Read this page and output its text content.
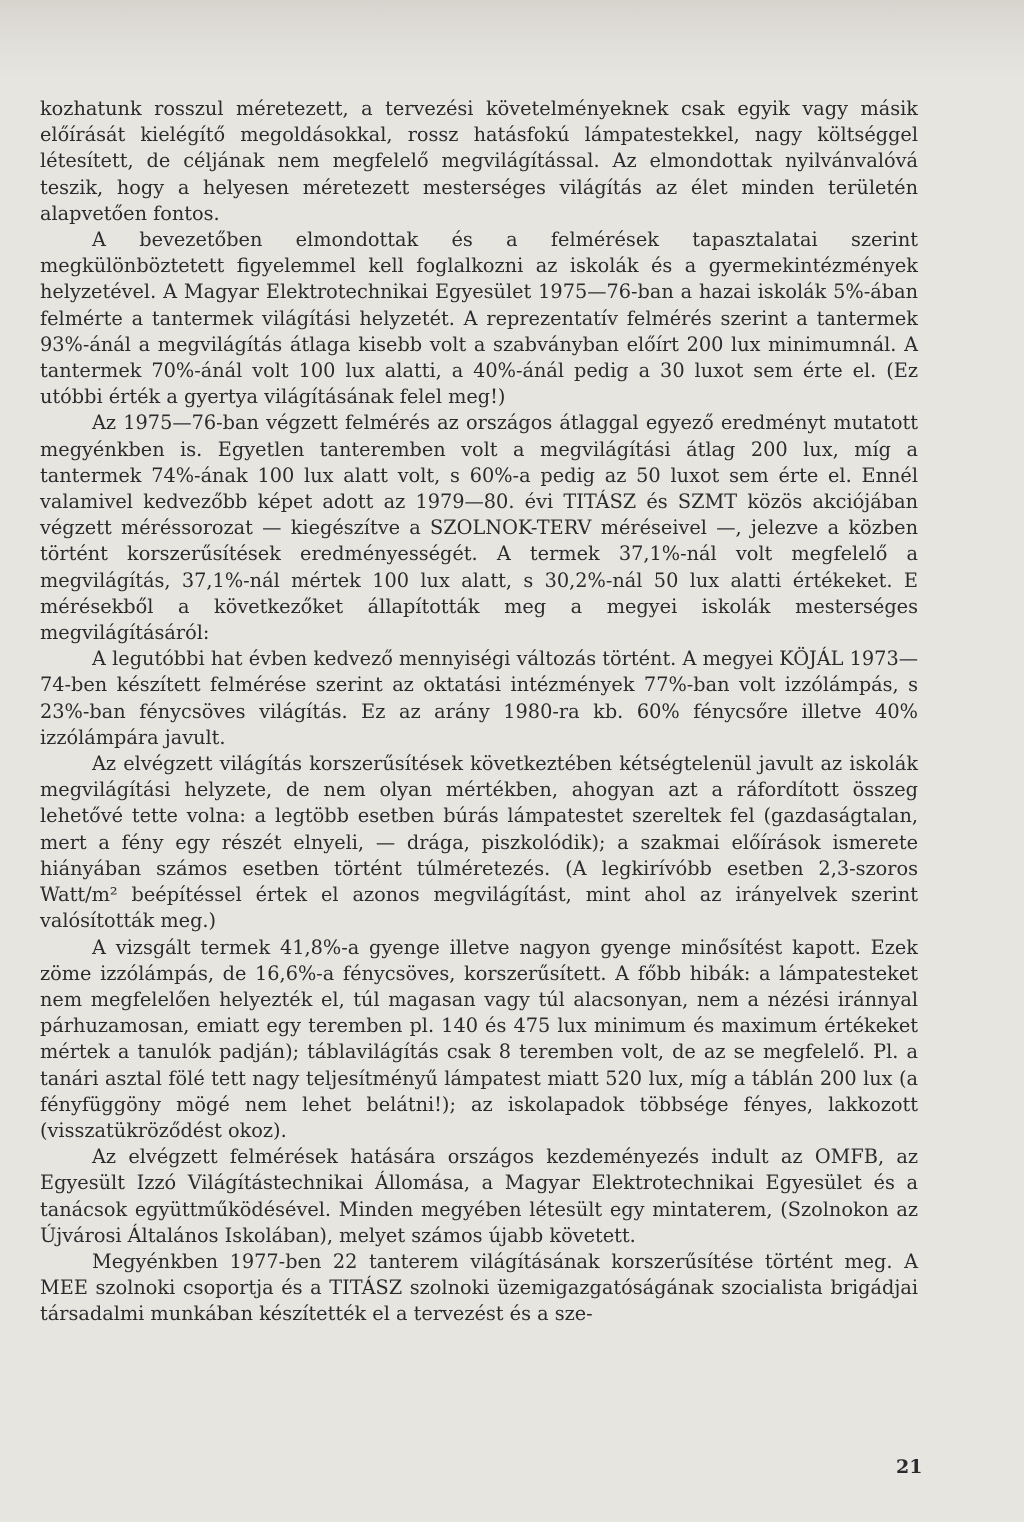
kozhatunk rosszul méretezett, a tervezési követelményeknek csak egyik vagy másik előírását kielégítő megoldásokkal, rossz hatásfokú lámpatestekkel, nagy költséggel létesített, de céljának nem megfelelő megvilágítással. Az elmondottak nyilvánvalóvá teszik, hogy a helyesen méretezett mesterséges világítás az élet minden területén alapvetően fontos.

A bevezetőben elmondottak és a felmérések tapasztalatai szerint megkülönböztetett figyelemmel kell foglalkozni az iskolák és a gyermekintézmények helyzetével. A Magyar Elektrotechnikai Egyesület 1975—76-ban a hazai iskolák 5%-ában felmérte a tantermek világítási helyzetét. A reprezentatív felmérés szerint a tantermek 93%-ánál a megvilágítás átlaga kisebb volt a szabványban előírt 200 lux minimumnál. A tantermek 70%-ánál volt 100 lux alatti, a 40%-ánál pedig a 30 luxot sem érte el. (Ez utóbbi érték a gyertya világításának felel meg!)

Az 1975—76-ban végzett felmérés az országos átlaggal egyező eredményt mutatott megyénkben is. Egyetlen tanteremben volt a megvilágítási átlag 200 lux, míg a tantermek 74%-ának 100 lux alatt volt, s 60%-a pedig az 50 luxot sem érte el. Ennél valamivel kedvezőbb képet adott az 1979—80. évi TITÁSZ és SZMT közös akciójában végzett méréssorozat — kiegészítve a SZOLNOK-TERV méréseivel —, jelezve a közben történt korszerűsítések eredményességét. A termek 37,1%-nál volt megfelelő a megvilágítás, 37,1%-nál mértek 100 lux alatt, s 30,2%-nál 50 lux alatti értékeket. E mérésekből a következőket állapították meg a megyei iskolák mesterséges megvilágításáról:

A legutóbbi hat évben kedvező mennyiségi változás történt. A megyei KÖJÁL 1973—74-ben készített felmérése szerint az oktatási intézmények 77%-ban volt izzólámpás, s 23%-ban fénycsöves világítás. Ez az arány 1980-ra kb. 60% fénycsőre illetve 40% izzólámpára javult.

Az elvégzett világítás korszerűsítések következtében kétségtelenül javult az iskolák megvilágítási helyzete, de nem olyan mértékben, ahogyan azt a ráfordított összeg lehetővé tette volna: a legtöbb esetben búrás lámpatestet szereltek fel (gazdaságtalan, mert a fény egy részét elnyeli, — drága, piszkolódik); a szakmai előírások ismerete hiányában számos esetben történt túlméretezés. (A legkirívóbb esetben 2,3-szoros Watt/m² beépítéssel értek el azonos megvilágítást, mint ahol az irányelvek szerint valósították meg.)

A vizsgált termek 41,8%-a gyenge illetve nagyon gyenge minősítést kapott. Ezek zöme izzólámpás, de 16,6%-a fénycsöves, korszerűsített. A főbb hibák: a lámpatesteket nem megfelelően helyezték el, túl magasan vagy túl alacsonyan, nem a nézési iránnyal párhuzamosan, emiatt egy teremben pl. 140 és 475 lux minimum és maximum értékeket mértek a tanulók padján); táblavilágítás csak 8 teremben volt, de az se megfelelő. Pl. a tanári asztal fölé tett nagy teljesítményű lámpatest miatt 520 lux, míg a táblán 200 lux (a fényfüggöny mögé nem lehet belátni!); az iskolapadok többsége fényes, lakkozott (visszatükröződést okoz).

Az elvégzett felmérések hatására országos kezdeményezés indult az OMFB, az Egyesült Izzó Világítástechnikai Állomása, a Magyar Elektrotechnikai Egyesület és a tanácsok együttműködésével. Minden megyében létesült egy mintaterem, (Szolnokon az Újvárosi Általános Iskolában), melyet számos újabb követett.

Megyénkben 1977-ben 22 tanterem világításának korszerűsítése történt meg. A MEE szolnoki csoportja és a TITÁSZ szolnoki üzemigazgatóságának szocialista brigádjai társadalmi munkában készítették el a tervezést és a sze-

21
